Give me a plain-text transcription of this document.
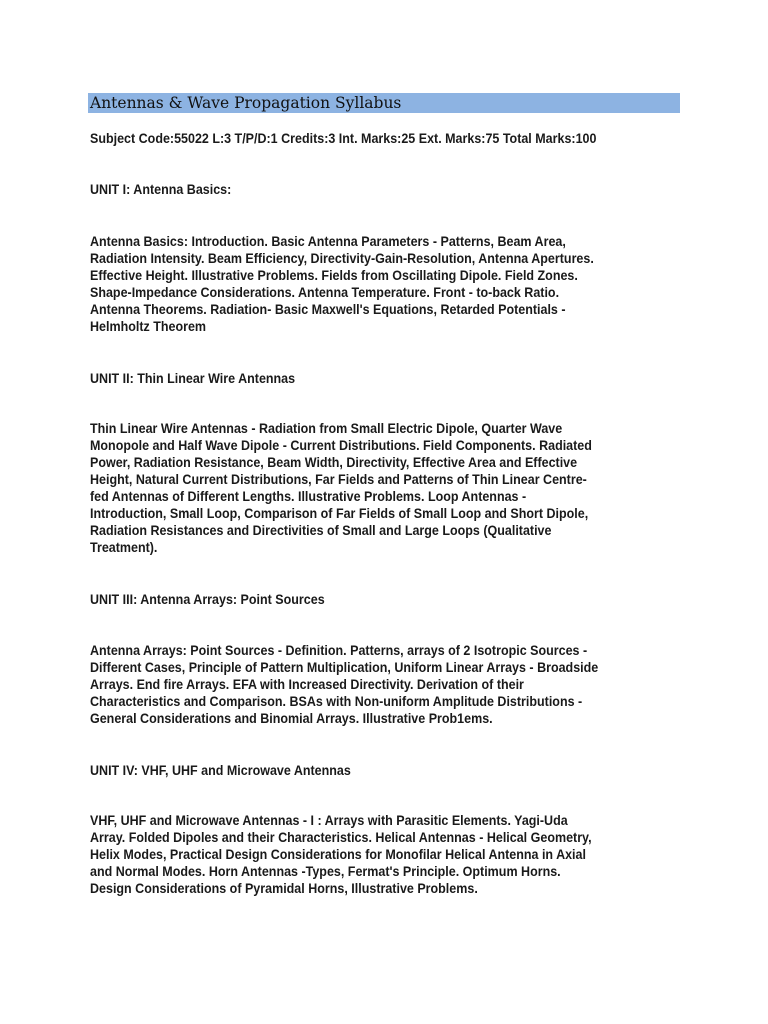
Antennas & Wave Propagation Syllabus
Subject Code:55022 L:3 T/P/D:1 Credits:3 Int. Marks:25 Ext. Marks:75 Total Marks:100
UNIT I: Antenna Basics:
Antenna Basics: Introduction. Basic Antenna Parameters - Patterns, Beam Area,
Radiation Intensity. Beam Efficiency, Directivity-Gain-Resolution, Antenna Apertures.
Effective Height. Illustrative Problems. Fields from Oscillating Dipole. Field Zones.
Shape-Impedance Considerations. Antenna Temperature. Front - to-back Ratio.
Antenna Theorems. Radiation- Basic Maxwell's Equations, Retarded Potentials -
Helmholtz Theorem
UNIT II: Thin Linear Wire Antennas
Thin Linear Wire Antennas - Radiation from Small Electric Dipole, Quarter Wave
Monopole and Half Wave Dipole - Current Distributions. Field Components. Radiated
Power, Radiation Resistance, Beam Width, Directivity, Effective Area and Effective
Height, Natural Current Distributions, Far Fields and Patterns of Thin Linear Centre-
fed Antennas of Different Lengths. Illustrative Problems. Loop Antennas -
Introduction, Small Loop, Comparison of Far Fields of Small Loop and Short Dipole,
Radiation Resistances and Directivities of Small and Large Loops (Qualitative
Treatment).
UNIT III: Antenna Arrays: Point Sources
Antenna Arrays: Point Sources - Definition. Patterns, arrays of 2 Isotropic Sources -
Different Cases, Principle of Pattern Multiplication, Uniform Linear Arrays - Broadside
Arrays. End fire Arrays. EFA with Increased Directivity. Derivation of their
Characteristics and Comparison. BSAs with Non-uniform Amplitude Distributions -
General Considerations and Binomial Arrays. Illustrative Prob1ems.
UNIT IV: VHF, UHF and Microwave Antennas
VHF, UHF and Microwave Antennas - I : Arrays with Parasitic Elements. Yagi-Uda
Array. Folded Dipoles and their Characteristics. Helical Antennas - Helical Geometry,
Helix Modes, Practical Design Considerations for Monofilar Helical Antenna in Axial
and Normal Modes. Horn Antennas -Types, Fermat's Principle. Optimum Horns.
Design Considerations of Pyramidal Horns, Illustrative Problems.
